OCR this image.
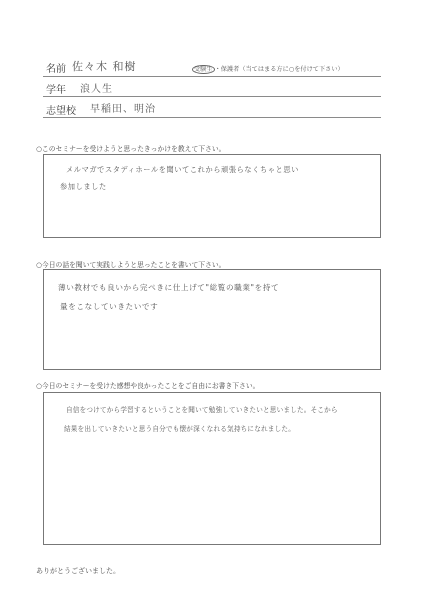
名前 佐々木 和樹	受験生 ・保護者（当てはまる方に○を付けて下さい）
学年 浪人生
志望校 早稲田、明治
○このセミナーを受けようと思ったきっかけを教えて下さい。
メルマガでスタディホールを聞いてこれから頑張らなくちゃと思い
参加しました
○今日の話を聞いて実践しようと思ったことを書いて下さい。
薄い教材でも良いから完ぺきに仕上げて"総覧の職業"を持て
量をこなしていきたいです
○今日のセミナーを受けた感想や良かったことをご自由にお書き下さい。
自信をつけてから学習するということを聞いて勉強していきたいと思いました。そこから
結果を出していきたいと思う自分でも懐が深くなれる気持ちになれました。
ありがとうございました。
